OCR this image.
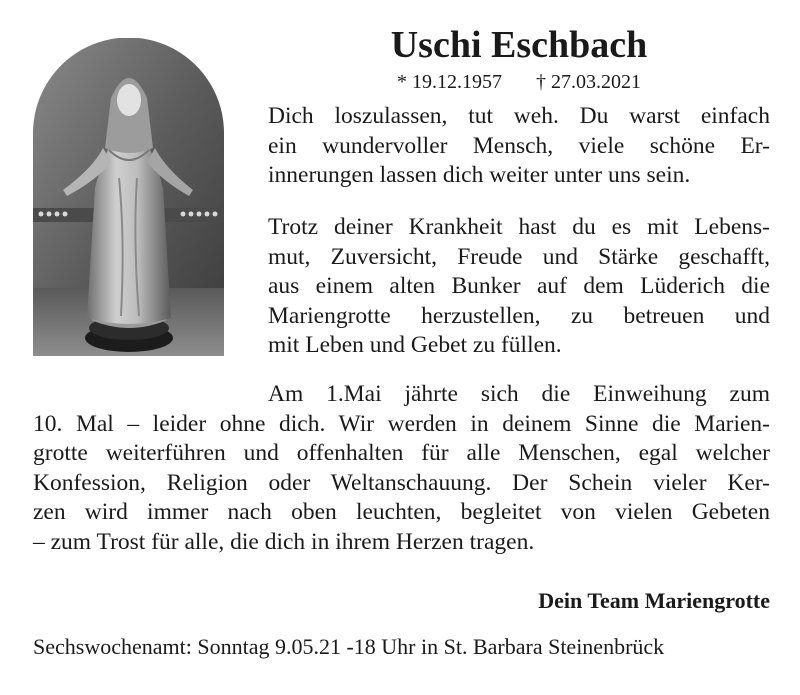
Uschi Eschbach
* 19.12.1957 † 27.03.2021
Dich loszulassen, tut weh. Du warst einfach
ein wundervoller Mensch, viele schöne Er-
innerungen lassen dich weiter unter uns sein.
Trotz deiner Krankheit hast du es mit Lebens-
mut, Zuversicht, Freude und Stärke geschafft,
aus einem alten Bunker auf dem Lüderich die
Mariengrotte herzustellen, zu betreuen und
mit Leben und Gebet zu füllen.
Am 1.Mai jährte sich die Einweihung zum
10. Mal – leider ohne dich. Wir werden in deinem Sinne die Marien-
grotte weiterführen und offenhalten für alle Menschen, egal welcher
Konfession, Religion oder Weltanschauung. Der Schein vieler Ker-
zen wird immer nach oben leuchten, begleitet von vielen Gebeten
– zum Trost für alle, die dich in ihrem Herzen tragen.
Dein Team Mariengrotte
Sechswochenamt: Sonntag 9.05.21 -18 Uhr in St. Barbara Steinenbrück
